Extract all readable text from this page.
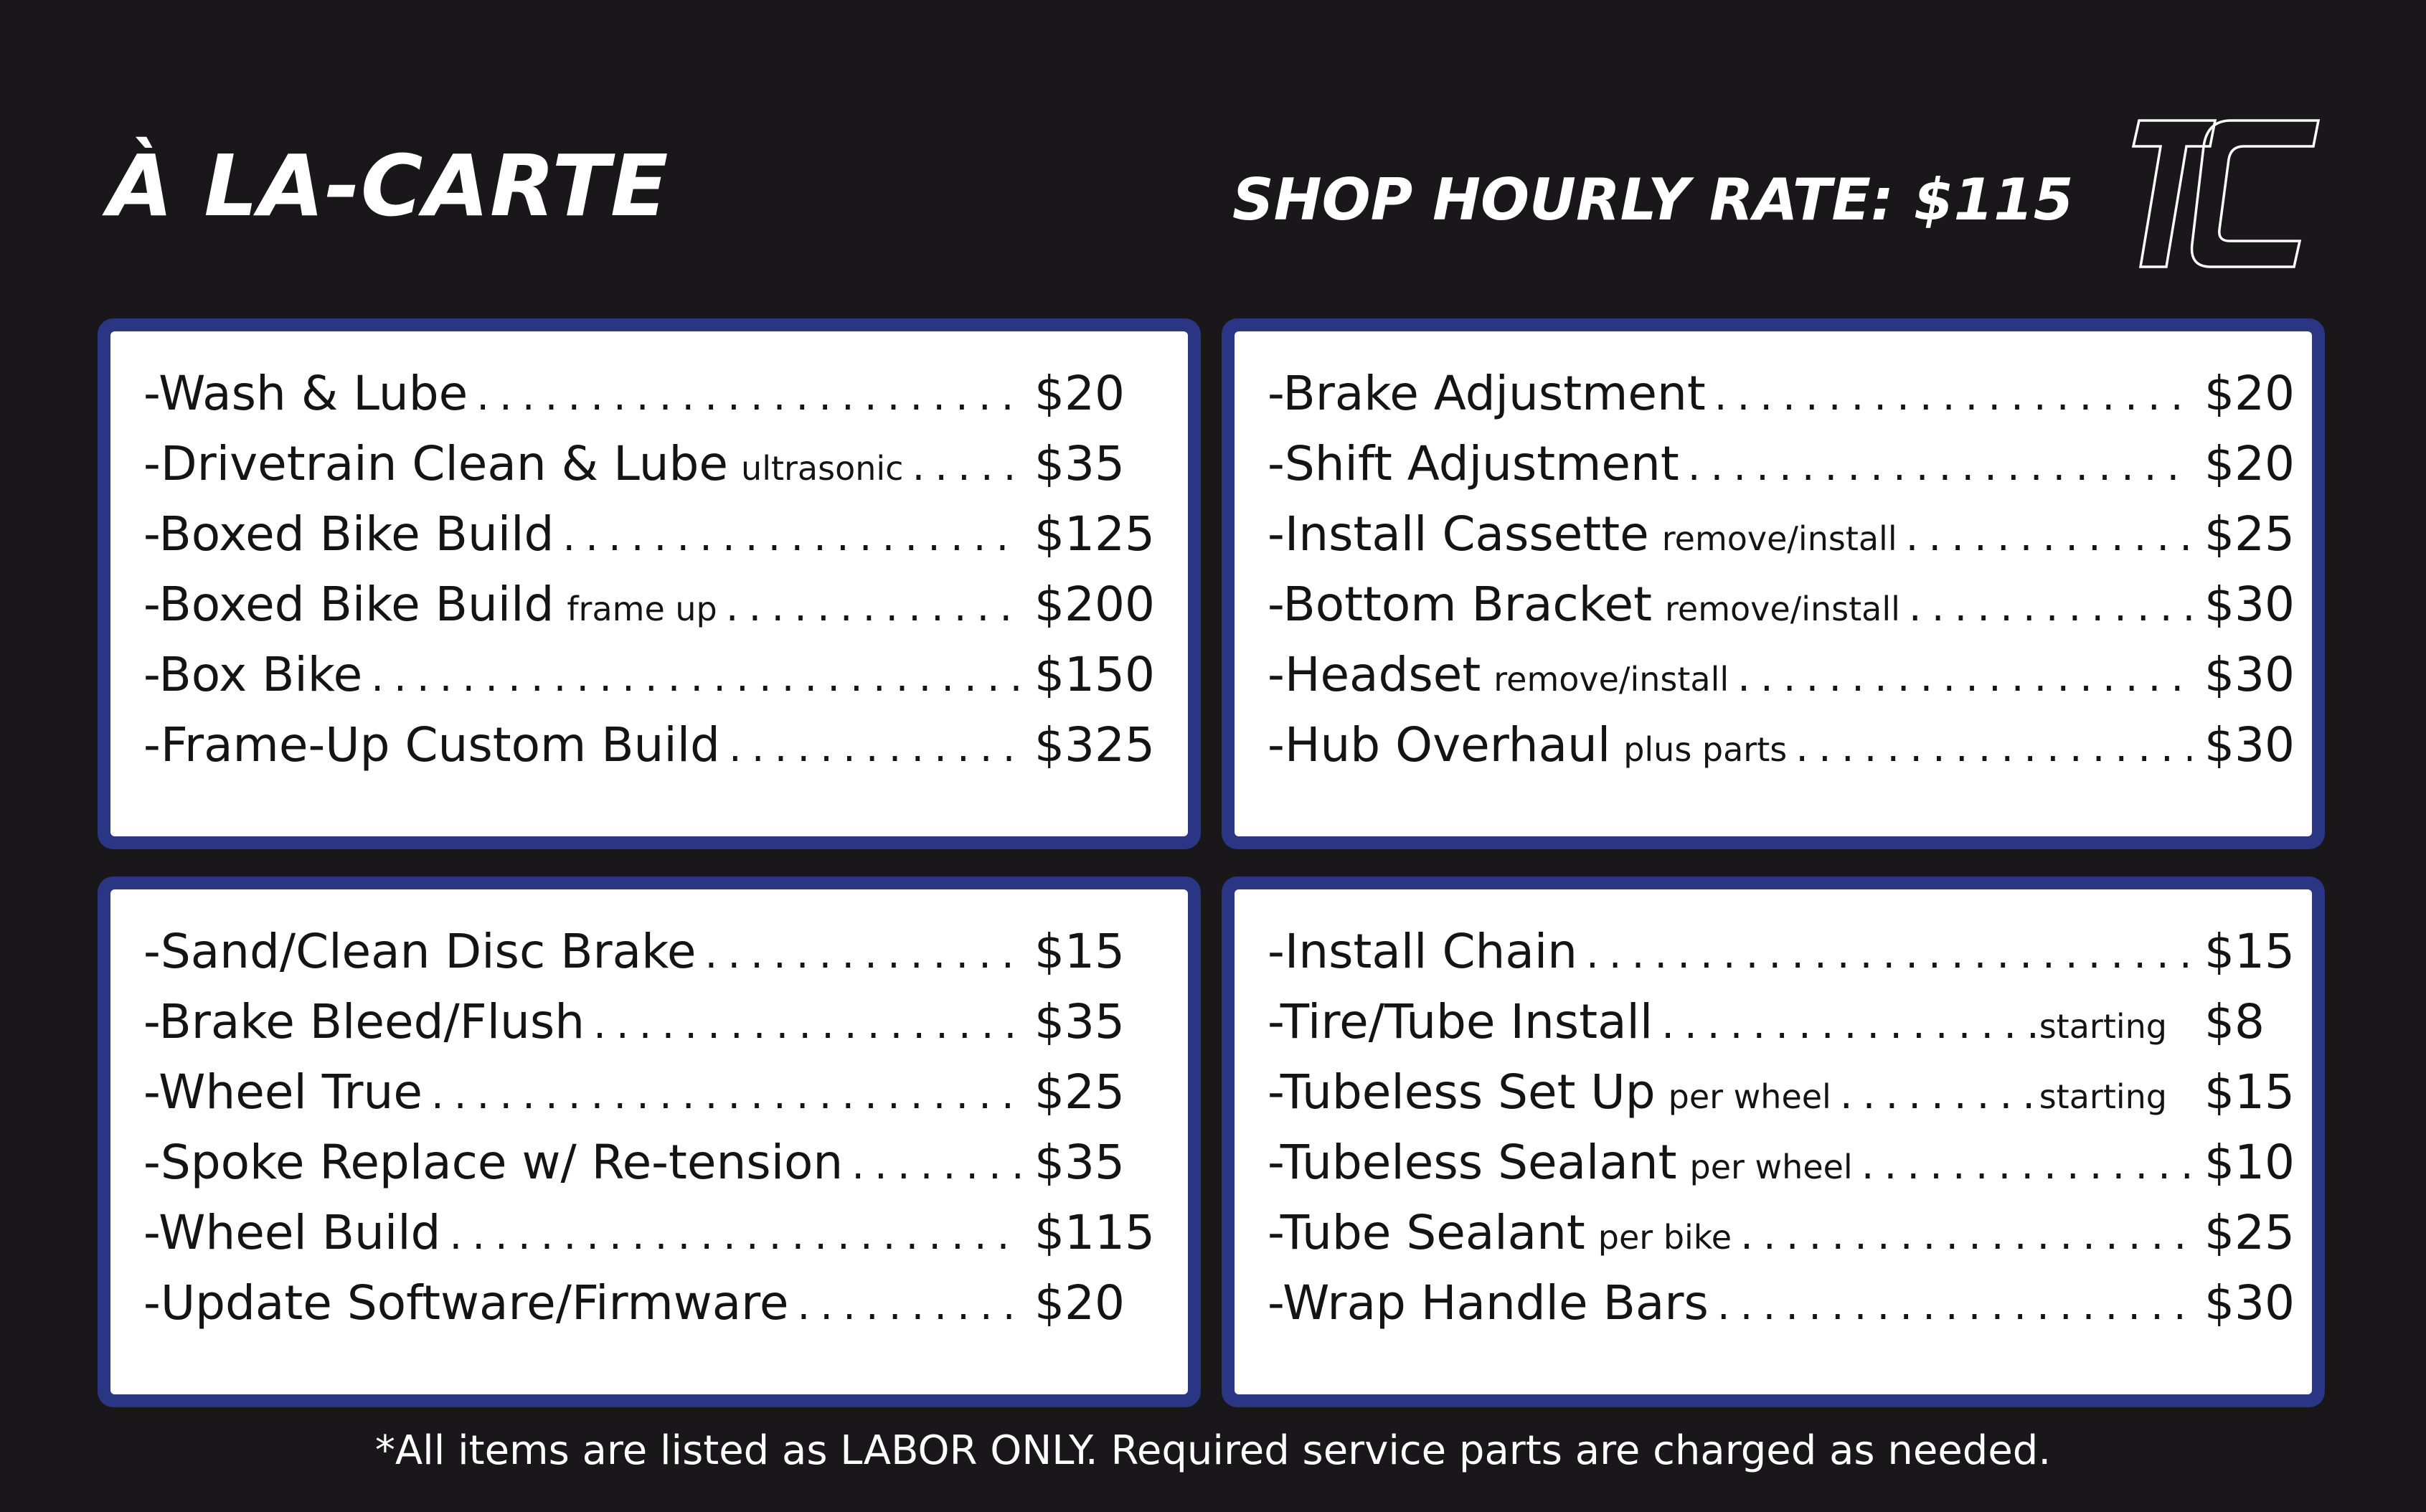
À LA-CARTE	SHOP HOURLY RATE: $115
-Wash & Lube .....	$20
-Drivetrain Clean & Lube ultrasonic .....	$35
-Boxed Bike Build .....	$125
-Boxed Bike Build frame up .....	$200
-Box Bike .....	$150
-Frame-Up Custom Build .....	$325
-Brake Adjustment .....	$20
-Shift Adjustment .....	$20
-Install Cassette remove/install .....	$25
-Bottom Bracket remove/install .....	$30
-Headset remove/install .....	$30
-Hub Overhaul plus parts .....	$30
-Sand/Clean Disc Brake .....	$15
-Brake Bleed/Flush .....	$35
-Wheel True .....	$25
-Spoke Replace w/ Re-tension .....	$35
-Wheel Build .....	$115
-Update Software/Firmware .....	$20
-Install Chain .....	$15
-Tire/Tube Install .....	starting $8
-Tubeless Set Up per wheel .....	starting $15
-Tubeless Sealant per wheel .....	$10
-Tube Sealant per bike .....	$25
-Wrap Handle Bars .....	$30
*All items are listed as LABOR ONLY. Required service parts are charged as needed.
